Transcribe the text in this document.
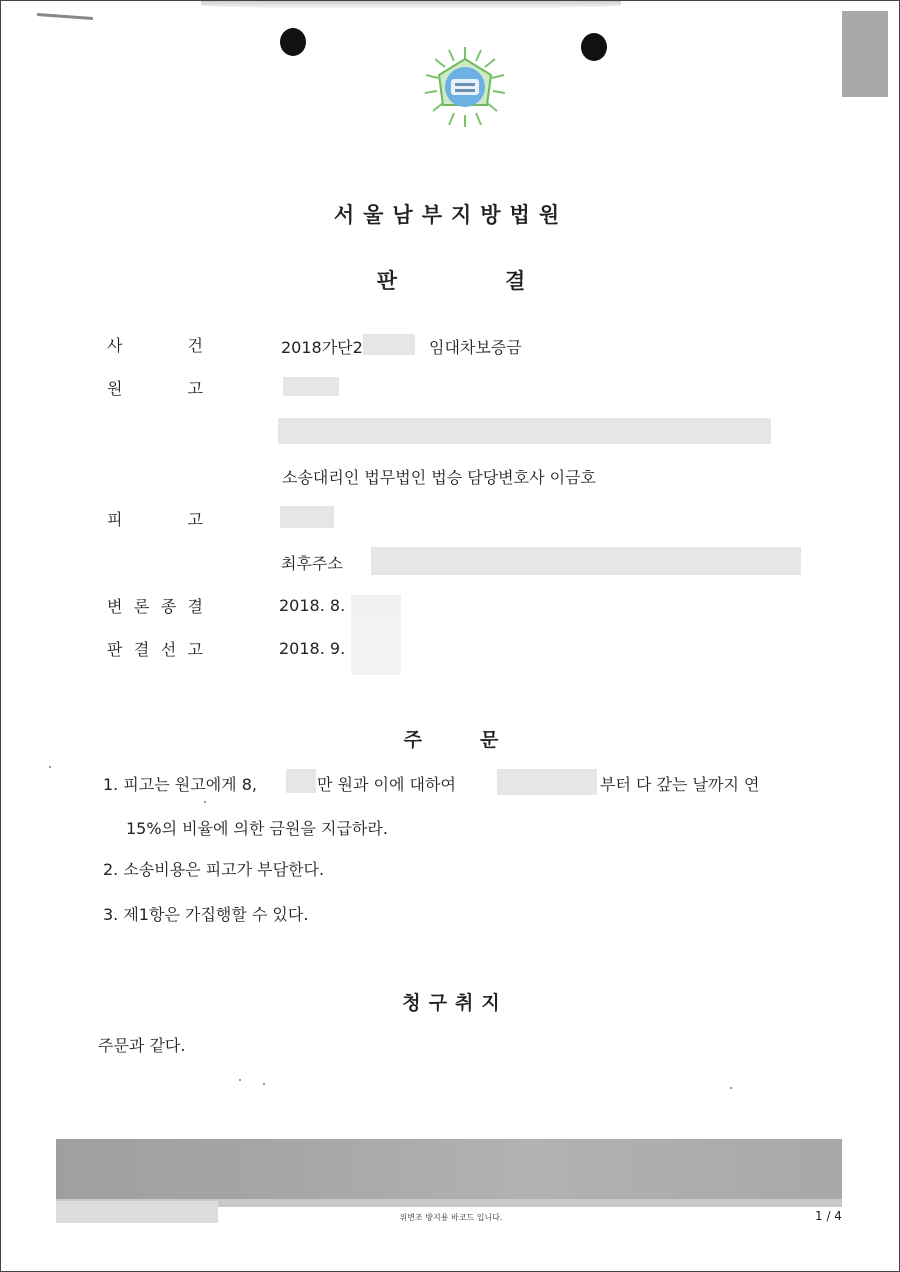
서울남부지방법원
판결
사	건	2018가단2	임대차보증금
원	고
소송대리인 법무법인 법승 담당변호사 이금호
피	고
최후주소
변 론 종 결	2018. 8.
판 결 선 고	2018. 9.
주문
1. 피고는 원고에게 8,	만 원과 이에 대하여	부터 다 갚는 날까지 연
15%의 비율에 의한 금원을 지급하라.
2. 소송비용은 피고가 부담한다.
3. 제1항은 가집행할 수 있다.
청구취지
주문과 같다.
위변조 방지용 바코드 입니다.	1 / 4
